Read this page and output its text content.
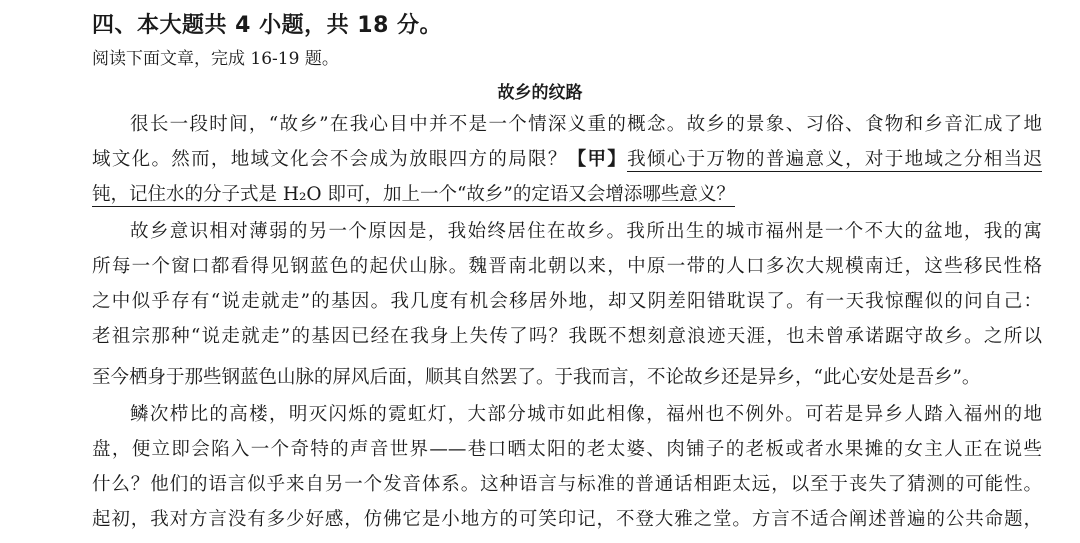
四、本大题共 4 小题，共 18 分。
阅读下面文章，完成 16-19 题。
故乡的纹路
很长一段时间，“故乡”在我心目中并不是一个情深义重的概念。故乡的景象、习俗、食物和乡音汇成了地
域文化。然而，地域文化会不会成为放眼四方的局限？【甲】我倾心于万物的普遍意义，对于地域之分相当迟
钝，记住水的分子式是 H₂O 即可，加上一个“故乡”的定语又会增添哪些意义？
故乡意识相对薄弱的另一个原因是，我始终居住在故乡。我所出生的城市福州是一个不大的盆地，我的寓
所每一个窗口都看得见钢蓝色的起伏山脉。魏晋南北朝以来，中原一带的人口多次大规模南迁，这些移民性格
之中似乎存有“说走就走”的基因。我几度有机会移居外地，却又阴差阳错耽误了。有一天我惊醒似的问自己：
老祖宗那种“说走就走”的基因已经在我身上失传了吗？我既不想刻意浪迹天涯，也未曾承诺踞守故乡。之所以
至今栖身于那些钢蓝色山脉的屏风后面，顺其自然罢了。于我而言，不论故乡还是异乡，“此心安处是吾乡”。
鳞次栉比的高楼，明灭闪烁的霓虹灯，大部分城市如此相像，福州也不例外。可若是异乡人踏入福州的地
盘，便立即会陷入一个奇特的声音世界——巷口晒太阳的老太婆、肉铺子的老板或者水果摊的女主人正在说些
什么？他们的语言似乎来自另一个发音体系。这种语言与标准的普通话相距太远，以至于丧失了猜测的可能性。
起初，我对方言没有多少好感，仿佛它是小地方的可笑印记，不登大雅之堂。方言不适合阐述普遍的公共命题，
